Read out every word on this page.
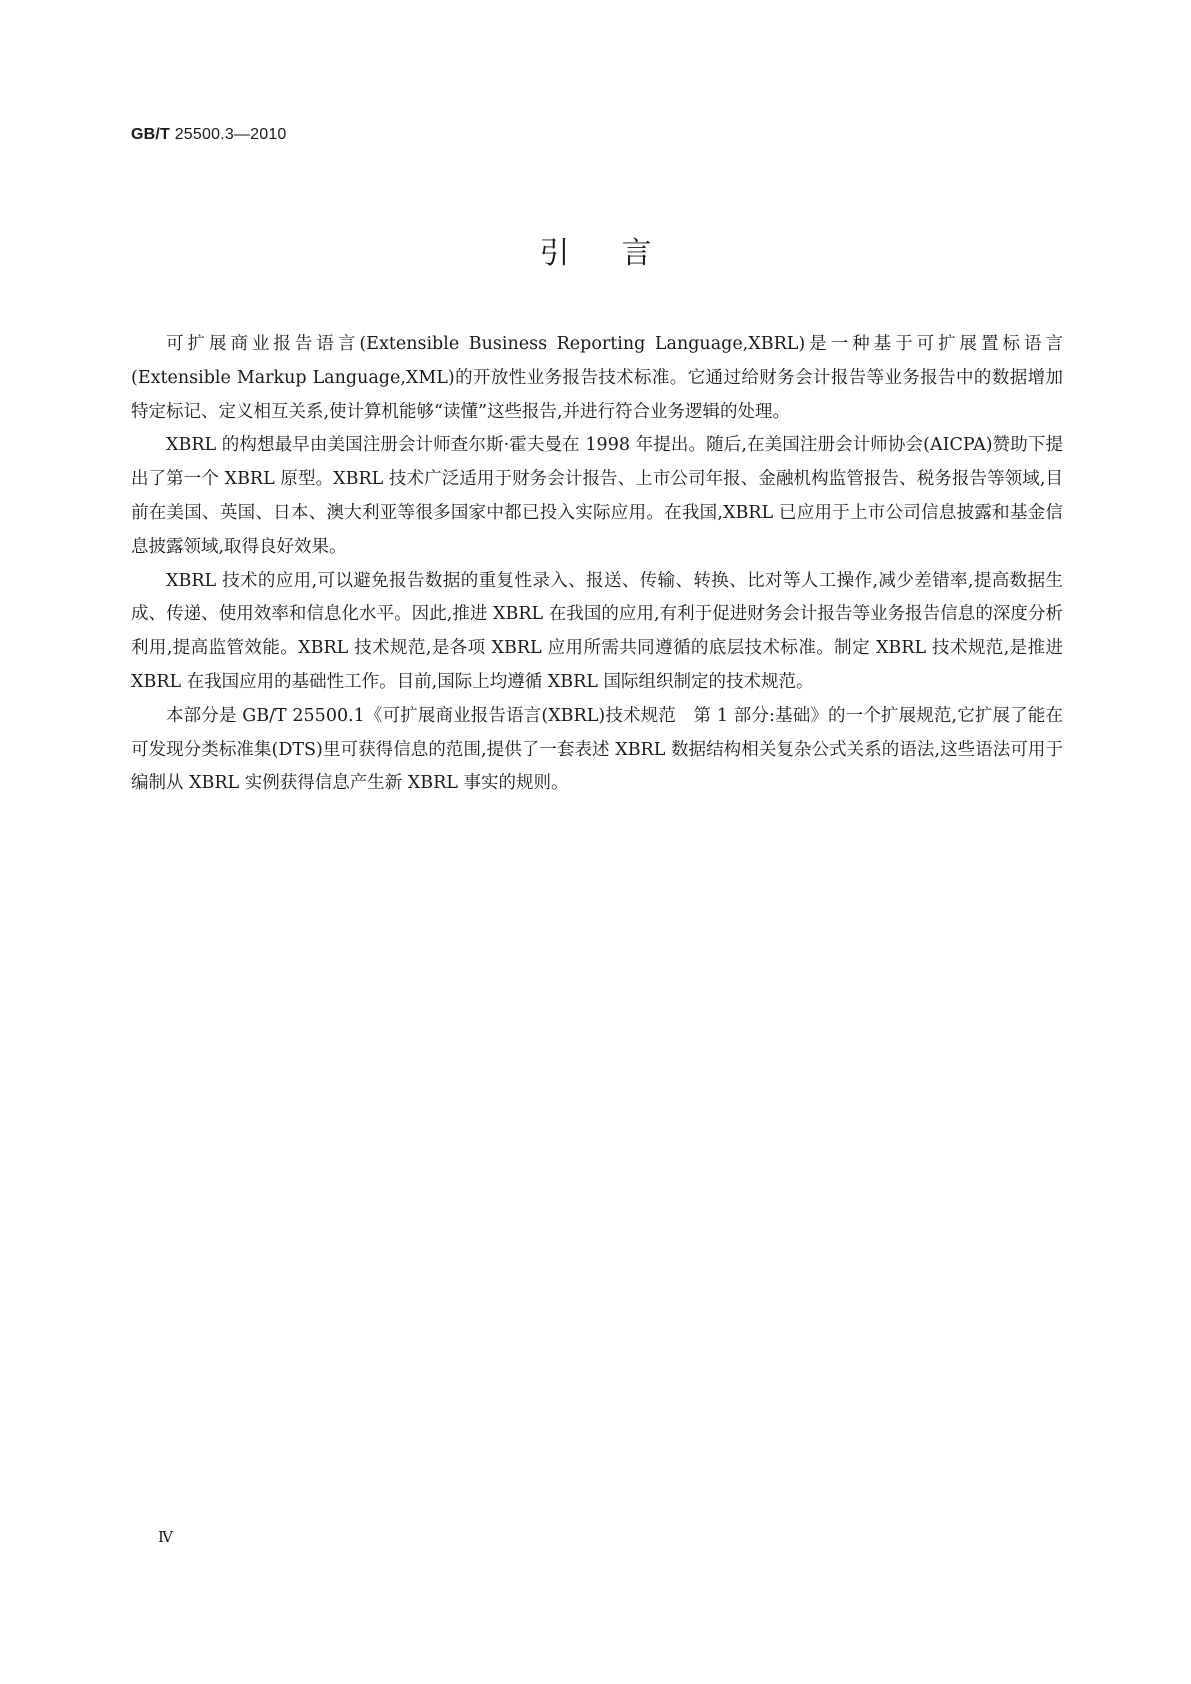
GB/T 25500.3—2010
引言

可扩展商业报告语言(Extensible Business Reporting Language,XBRL)是一种基于可扩展置标语言(Extensible Markup Language,XML)的开放性业务报告技术标准。它通过给财务会计报告等业务报告中的数据增加特定标记、定义相互关系,使计算机能够“读懂”这些报告,并进行符合业务逻辑的处理。

XBRL 的构想最早由美国注册会计师查尔斯·霍夫曼在 1998 年提出。随后,在美国注册会计师协会(AICPA)赞助下提出了第一个 XBRL 原型。XBRL 技术广泛适用于财务会计报告、上市公司年报、金融机构监管报告、税务报告等领域,目前在美国、英国、日本、澳大利亚等很多国家中都已投入实际应用。在我国,XBRL 已应用于上市公司信息披露和基金信息披露领域,取得良好效果。

XBRL 技术的应用,可以避免报告数据的重复性录入、报送、传输、转换、比对等人工操作,减少差错率,提高数据生成、传递、使用效率和信息化水平。因此,推进 XBRL 在我国的应用,有利于促进财务会计报告等业务报告信息的深度分析利用,提高监管效能。XBRL 技术规范,是各项 XBRL 应用所需共同遵循的底层技术标准。制定 XBRL 技术规范,是推进 XBRL 在我国应用的基础性工作。目前,国际上均遵循 XBRL 国际组织制定的技术规范。

本部分是 GB/T 25500.1《可扩展商业报告语言(XBRL)技术规范　第 1 部分:基础》的一个扩展规范,它扩展了能在可发现分类标准集(DTS)里可获得信息的范围,提供了一套表述 XBRL 数据结构相关复杂公式关系的语法,这些语法可用于编制从 XBRL 实例获得信息产生新 XBRL 事实的规则。

Ⅳ
